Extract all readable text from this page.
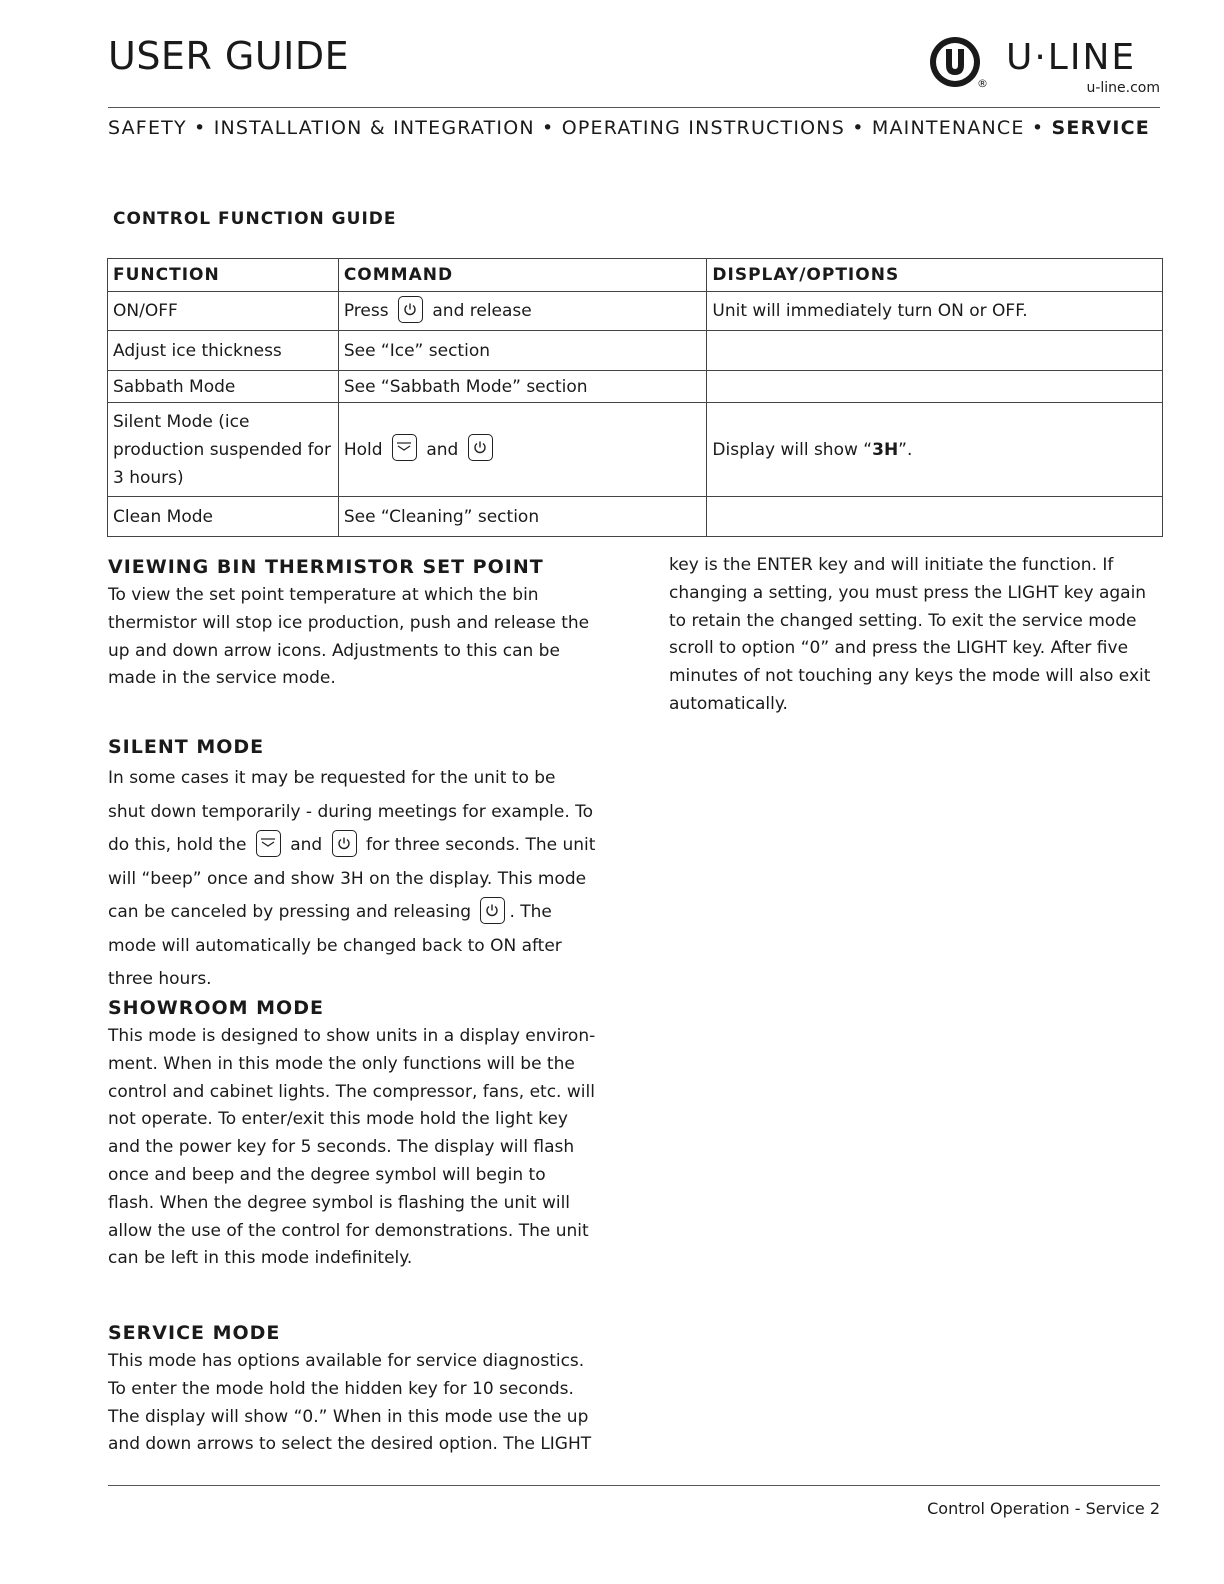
USER GUIDE
®
U·LINE
u-line.com
SAFETY • INSTALLATION & INTEGRATION • OPERATING INSTRUCTIONS • MAINTENANCE • SERVICE
CONTROL FUNCTION GUIDE
FUNCTION	COMMAND	DISPLAY/OPTIONS
ON/OFF	Press and release	Unit will immediately turn ON or OFF.
Adjust ice thickness	See “Ice” section	
Sabbath Mode	See “Sabbath Mode” section	
Silent Mode (ice production suspended for 3 hours)	Hold and	Display will show “3H”.
Clean Mode	See “Cleaning” section	
VIEWING BIN THERMISTOR SET POINT

To view the set point temperature at which the bin thermistor will stop ice production, push and release the up and down arrow icons. Adjustments to this can be made in the service mode.

SILENT MODE

In some cases it may be requested for the unit to be shut down temporarily - during meetings for example. To do this, hold the	and	for three seconds. The unit will “beep” once and show 3H on the display. This mode can be canceled by pressing and releasing . The mode will automatically be changed back to ON after three hours.

SHOWROOM MODE

This mode is designed to show units in a display environ-ment. When in this mode the only functions will be the control and cabinet lights. The compressor, fans, etc. will not operate. To enter/exit this mode hold the light key and the power key for 5 seconds. The display will flash once and beep and the degree symbol will begin to flash. When the degree symbol is flashing the unit will allow the use of the control for demonstrations. The unit can be left in this mode indefinitely.

SERVICE MODE

This mode has options available for service diagnostics. To enter the mode hold the hidden key for 10 seconds. The display will show “0.” When in this mode use the up and down arrows to select the desired option. The LIGHT

key is the ENTER key and will initiate the function. If changing a setting, you must press the LIGHT key again to retain the changed setting. To exit the service mode scroll to option “0” and press the LIGHT key. After five minutes of not touching any keys the mode will also exit automatically.

Control Operation - Service 2
